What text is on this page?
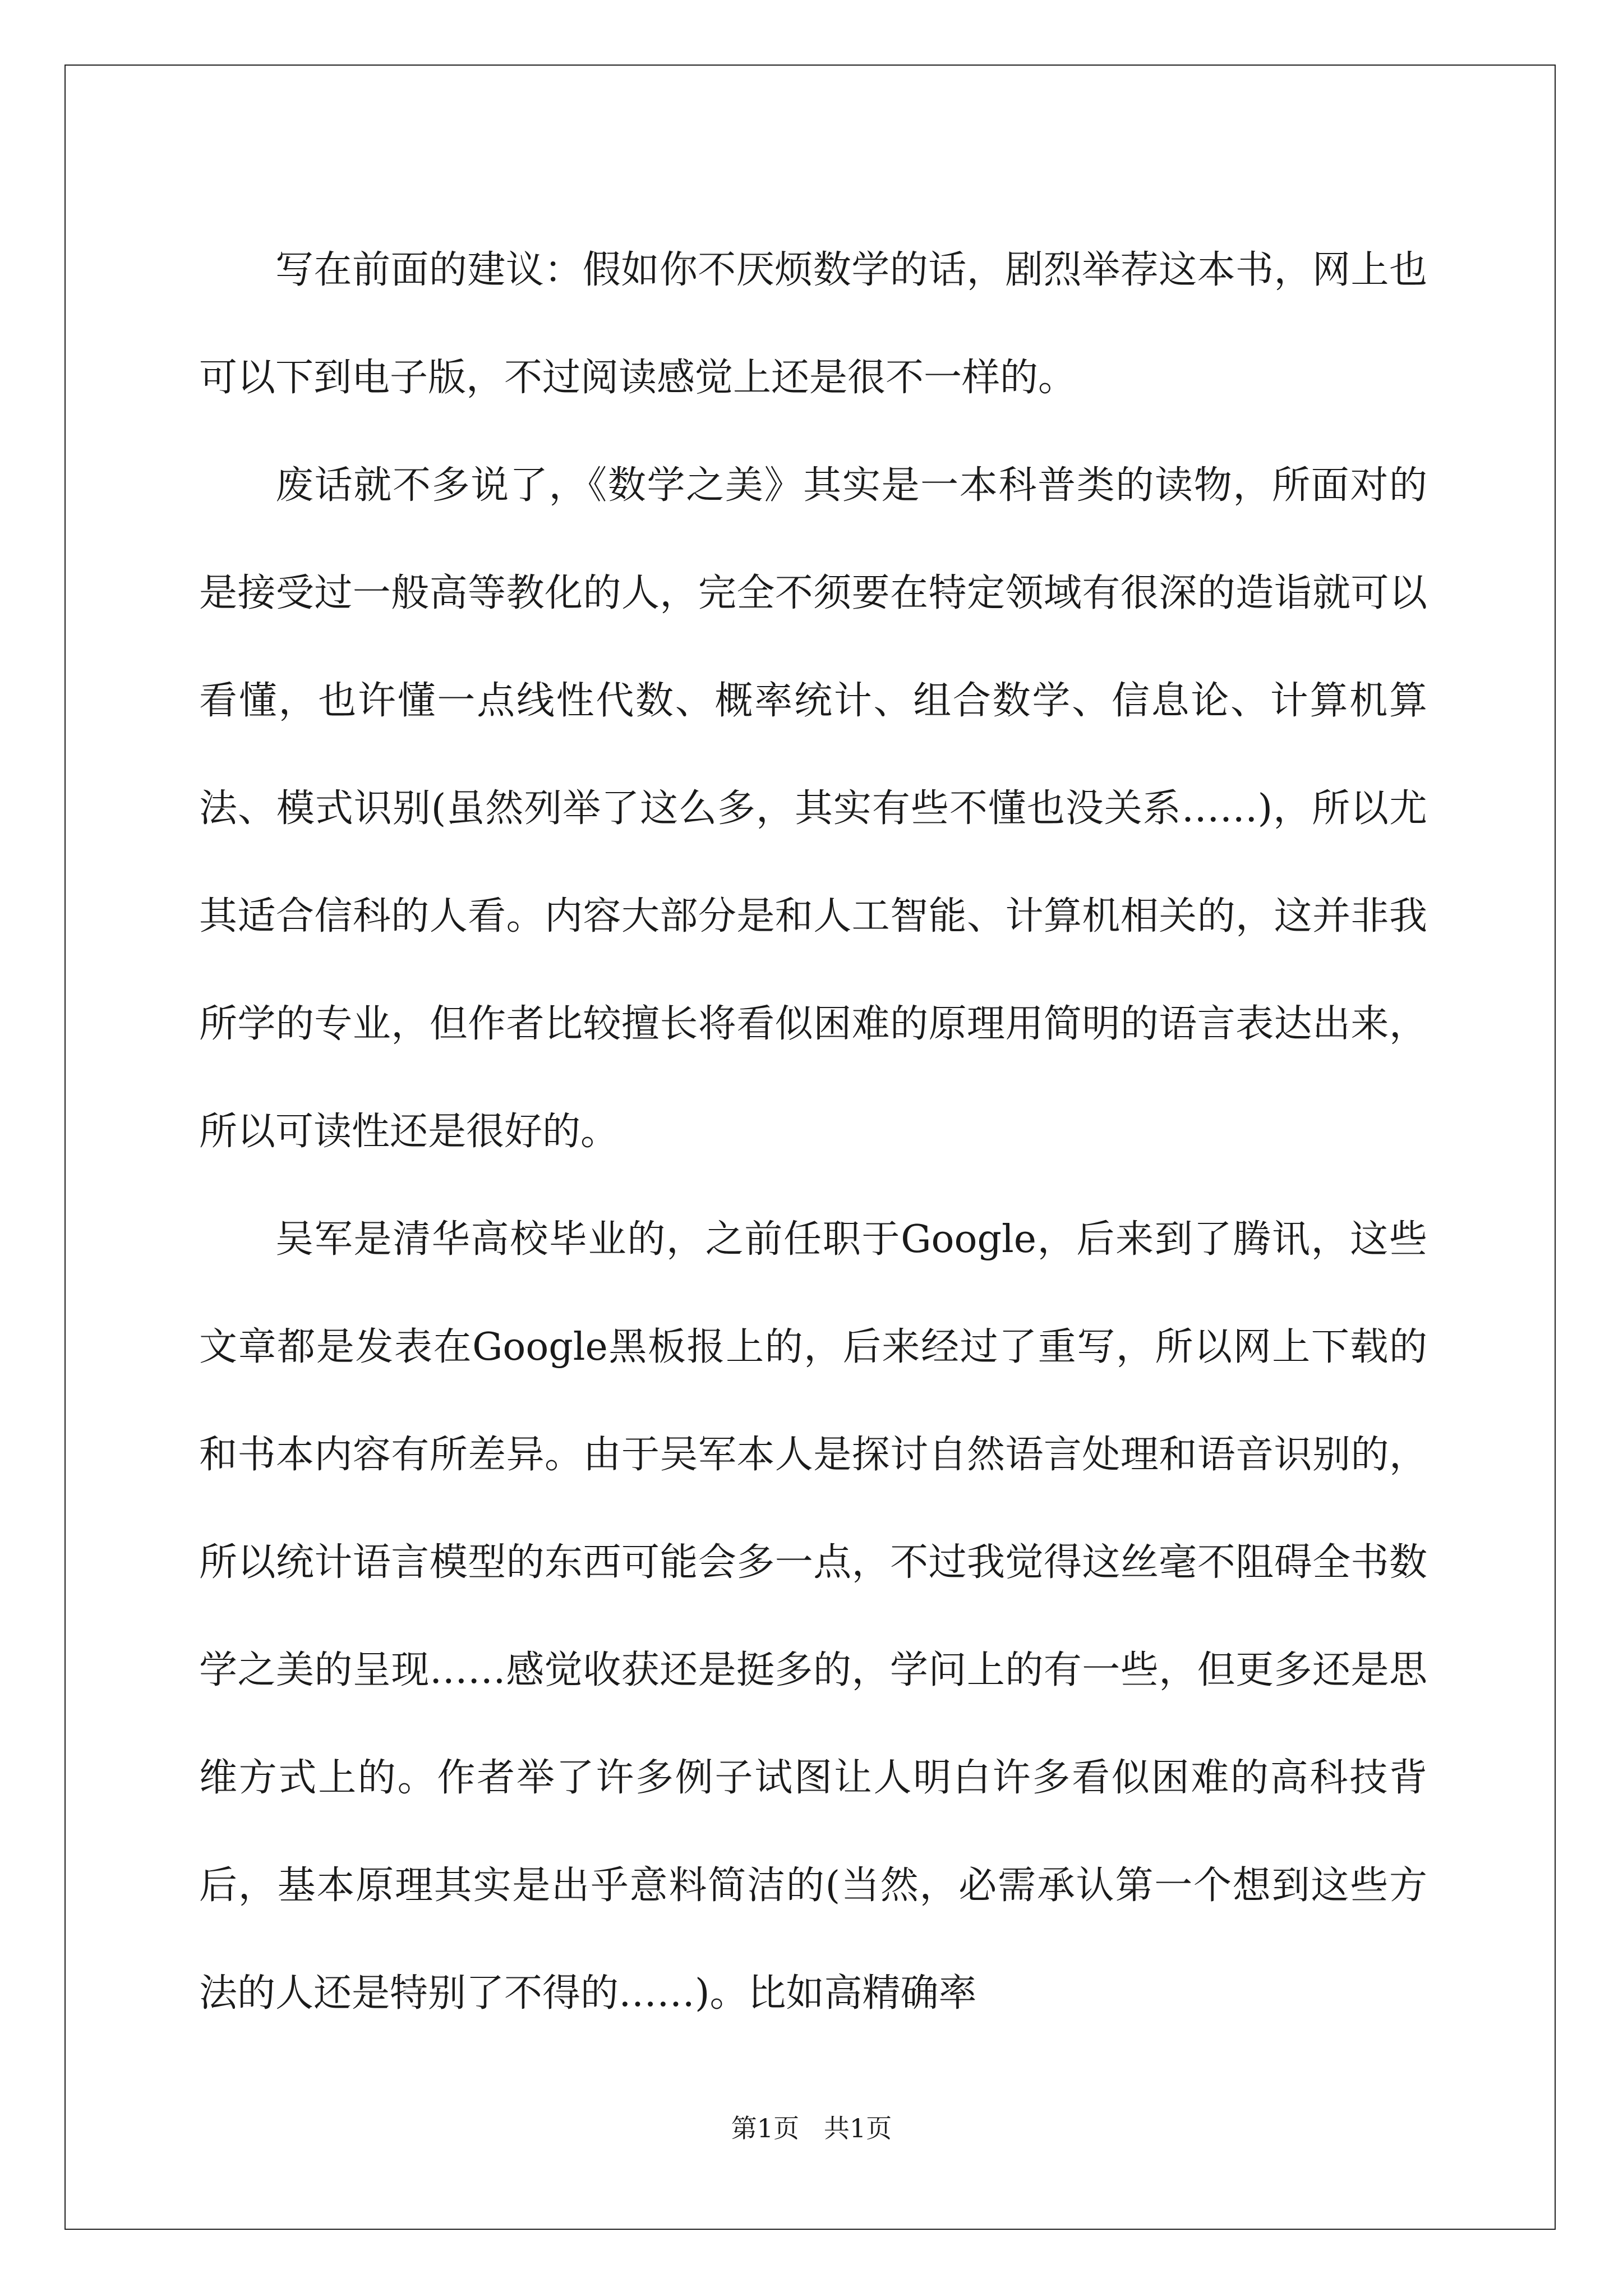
写在前面的建议：假如你不厌烦数学的话，剧烈举荐这本书，网上也可以下到电子版，不过阅读感觉上还是很不一样的。

废话就不多说了，《数学之美》其实是一本科普类的读物，所面对的是接受过一般高等教化的人，完全不须要在特定领域有很深的造诣就可以看懂，也许懂一点线性代数、概率统计、组合数学、信息论、计算机算法、模式识别(虽然列举了这么多，其实有些不懂也没关系……)，所以尤其适合信科的人看。内容大部分是和人工智能、计算机相关的，这并非我所学的专业，但作者比较擅长将看似困难的原理用简明的语言表达出来，所以可读性还是很好的。

吴军是清华高校毕业的，之前任职于Google，后来到了腾讯，这些文章都是发表在Google黑板报上的，后来经过了重写，所以网上下载的和书本内容有所差异。由于吴军本人是探讨自然语言处理和语音识别的，所以统计语言模型的东西可能会多一点，不过我觉得这丝毫不阻碍全书数学之美的呈现……感觉收获还是挺多的，学问上的有一些，但更多还是思维方式上的。作者举了许多例子试图让人明白许多看似困难的高科技背后，基本原理其实是出乎意料简洁的(当然，必需承认第一个想到这些方法的人还是特别了不得的……)。比如高精确率

第1页   共1页
